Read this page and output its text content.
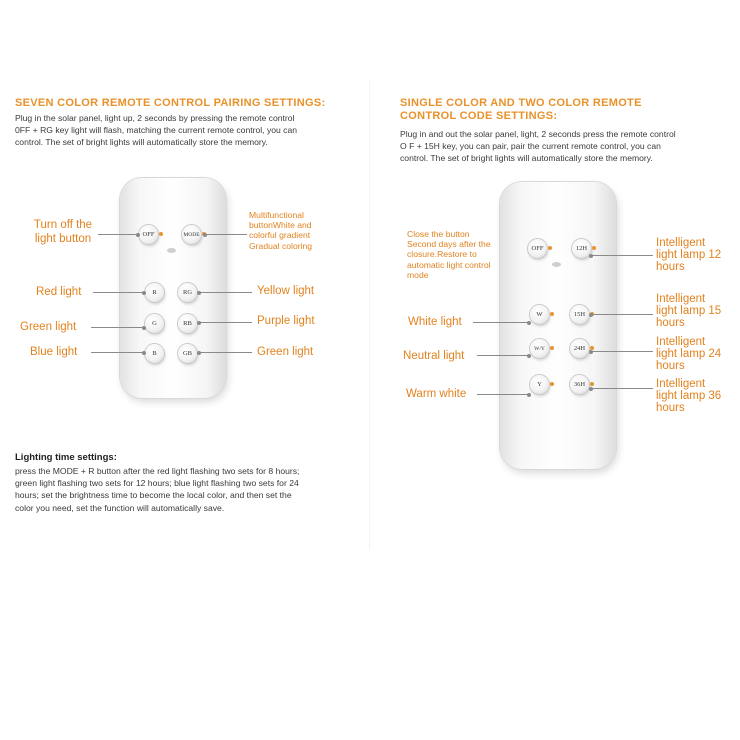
SEVEN COLOR REMOTE CONTROL PAIRING SETTINGS:

Plug in the solar panel, light up, 2 seconds by pressing the remote control
0FF + RG key light will flash, matching the current remote control, you can
control. The set of bright lights will automatically store the memory.

OFF	MODE
R	RG
G	RB
B	GB
Turn off the light button
Multifunctional buttonWhite and colorful gradient Gradual coloring
Red light
Green light
Blue light
Yellow light
Purple light
Green light
Lighting time settings:

press the MODE + R button after the red light flashing two sets for 8 hours;
green light flashing two sets for 12 hours; blue light flashing two sets for 24
hours; set the brightness time to become the local color, and then set the
color you need, set the function will automatically save.

SINGLE COLOR AND TWO COLOR REMOTE
CONTROL CODE SETTINGS:

Plug in and out the solar panel, light, 2 seconds press the remote control
O F + 15H key, you can pair, pair the current remote control, you can
control. The set of bright lights will automatically store the memory.

OFF	12H
W	15H
W/Y	24H
Y	36H
Close the button Second days after the closure.Restore to automatic light control mode
White light
Neutral light
Warm white
Intelligent light lamp 12 hours
Intelligent light lamp 15 hours
Intelligent light lamp 24 hours
Intelligent light lamp 36 hours
